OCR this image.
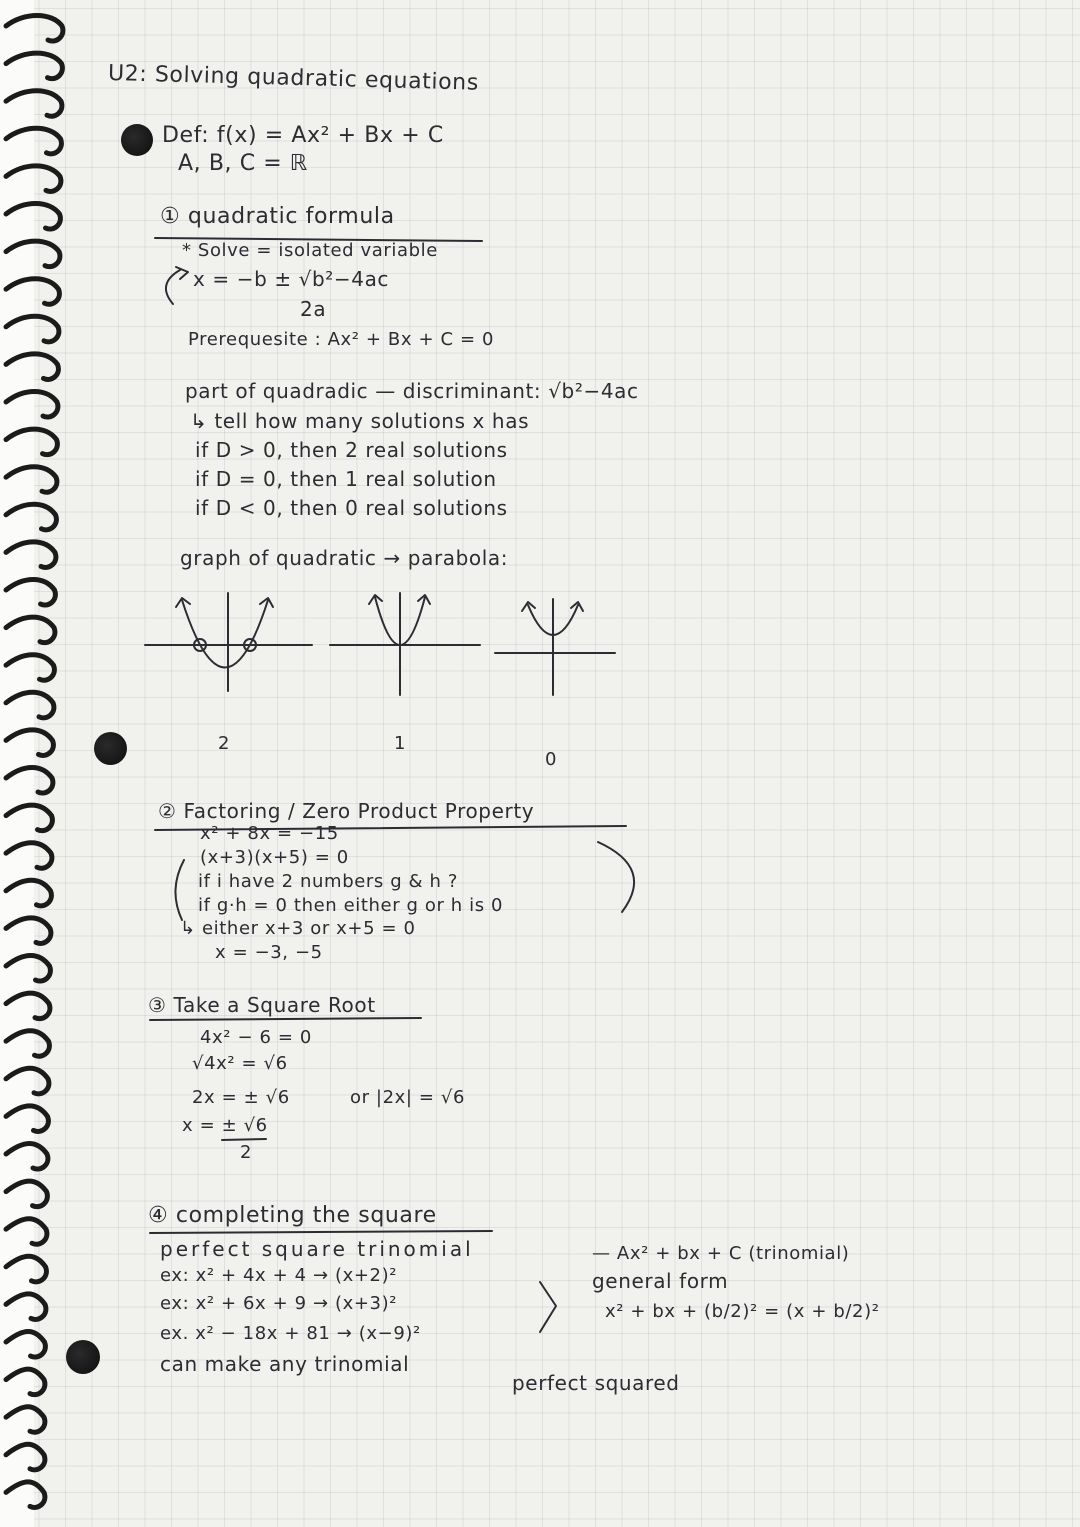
U2: Solving quadratic equations
Def: f(x) = Ax² + Bx + C
A, B, C = ℝ
① quadratic formula
* Solve = isolated variable
x = −b ± √b²−4ac
2a
Prerequesite : Ax² + Bx + C = 0
part of quadradic — discriminant: √b²−4ac
↳ tell how many solutions x has
if D > 0, then 2 real solutions
if D = 0, then 1 real solution
if D < 0, then 0 real solutions
graph of quadratic → parabola:
2	1
0
② Factoring / Zero Product Property
x² + 8x = −15
(x+3)(x+5) = 0
if i have 2 numbers g & h ?
if g·h = 0 then either g or h is 0
↳ either x+3 or x+5 = 0
x = −3, −5
③ Take a Square Root
4x² − 6 = 0
√4x² = √6
2x = ± √6	or |2x| = √6
x = ± √6
2
④ completing the square
perfect square trinomial	— Ax² + bx + C (trinomial)
ex: x² + 4x + 4 → (x+2)²
ex: x² + 6x + 9 → (x+3)²
ex. x² − 18x + 81 → (x−9)²
general form
x² + bx + (b/2)² = (x + b/2)²
can make any trinomial
perfect squared
